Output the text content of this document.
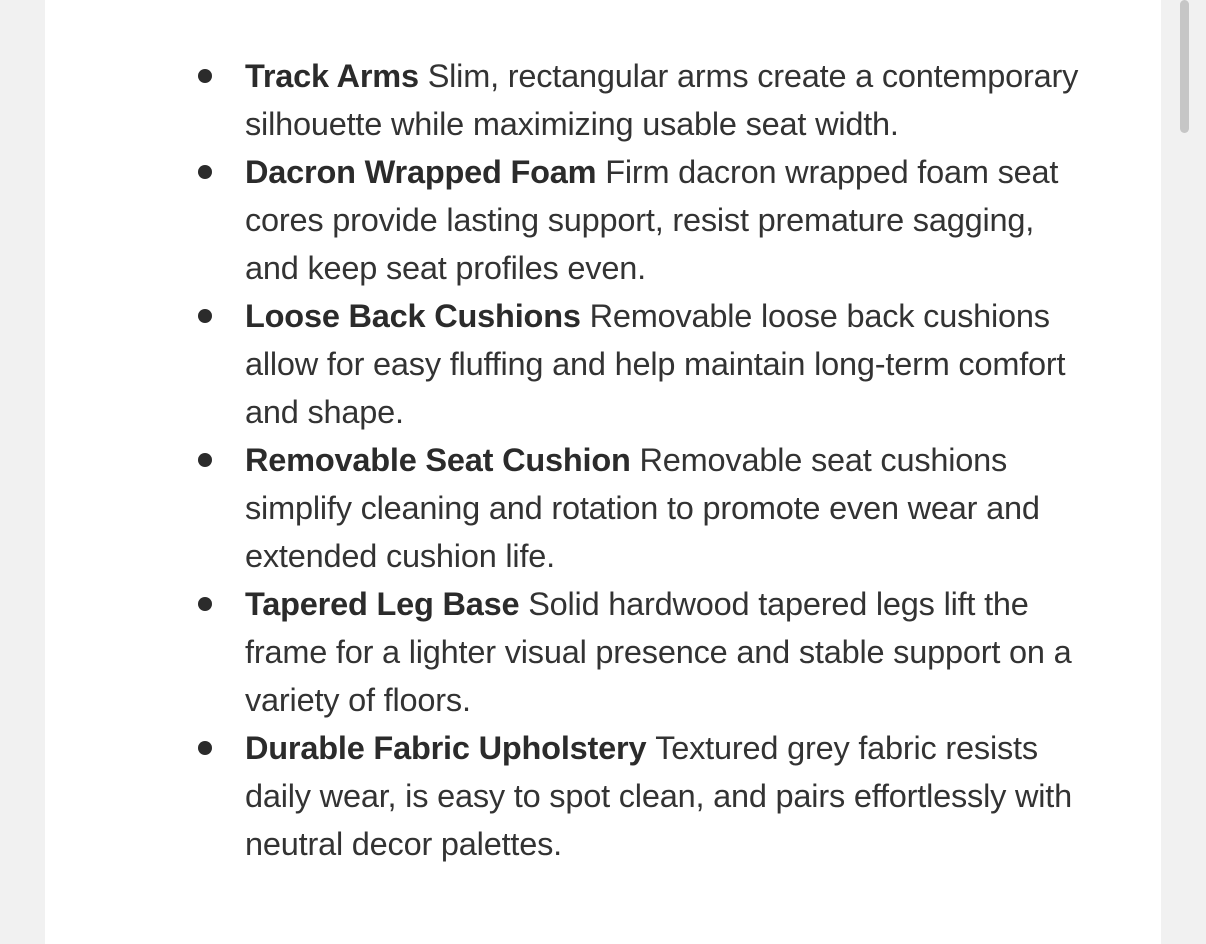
Track Arms Slim, rectangular arms create a contemporary silhouette while maximizing usable seat width.
Dacron Wrapped Foam Firm dacron wrapped foam seat cores provide lasting support, resist premature sagging, and keep seat profiles even.
Loose Back Cushions Removable loose back cushions allow for easy fluffing and help maintain long-term comfort and shape.
Removable Seat Cushion Removable seat cushions simplify cleaning and rotation to promote even wear and extended cushion life.
Tapered Leg Base Solid hardwood tapered legs lift the frame for a lighter visual presence and stable support on a variety of floors.
Durable Fabric Upholstery Textured grey fabric resists daily wear, is easy to spot clean, and pairs effortlessly with neutral decor palettes.
